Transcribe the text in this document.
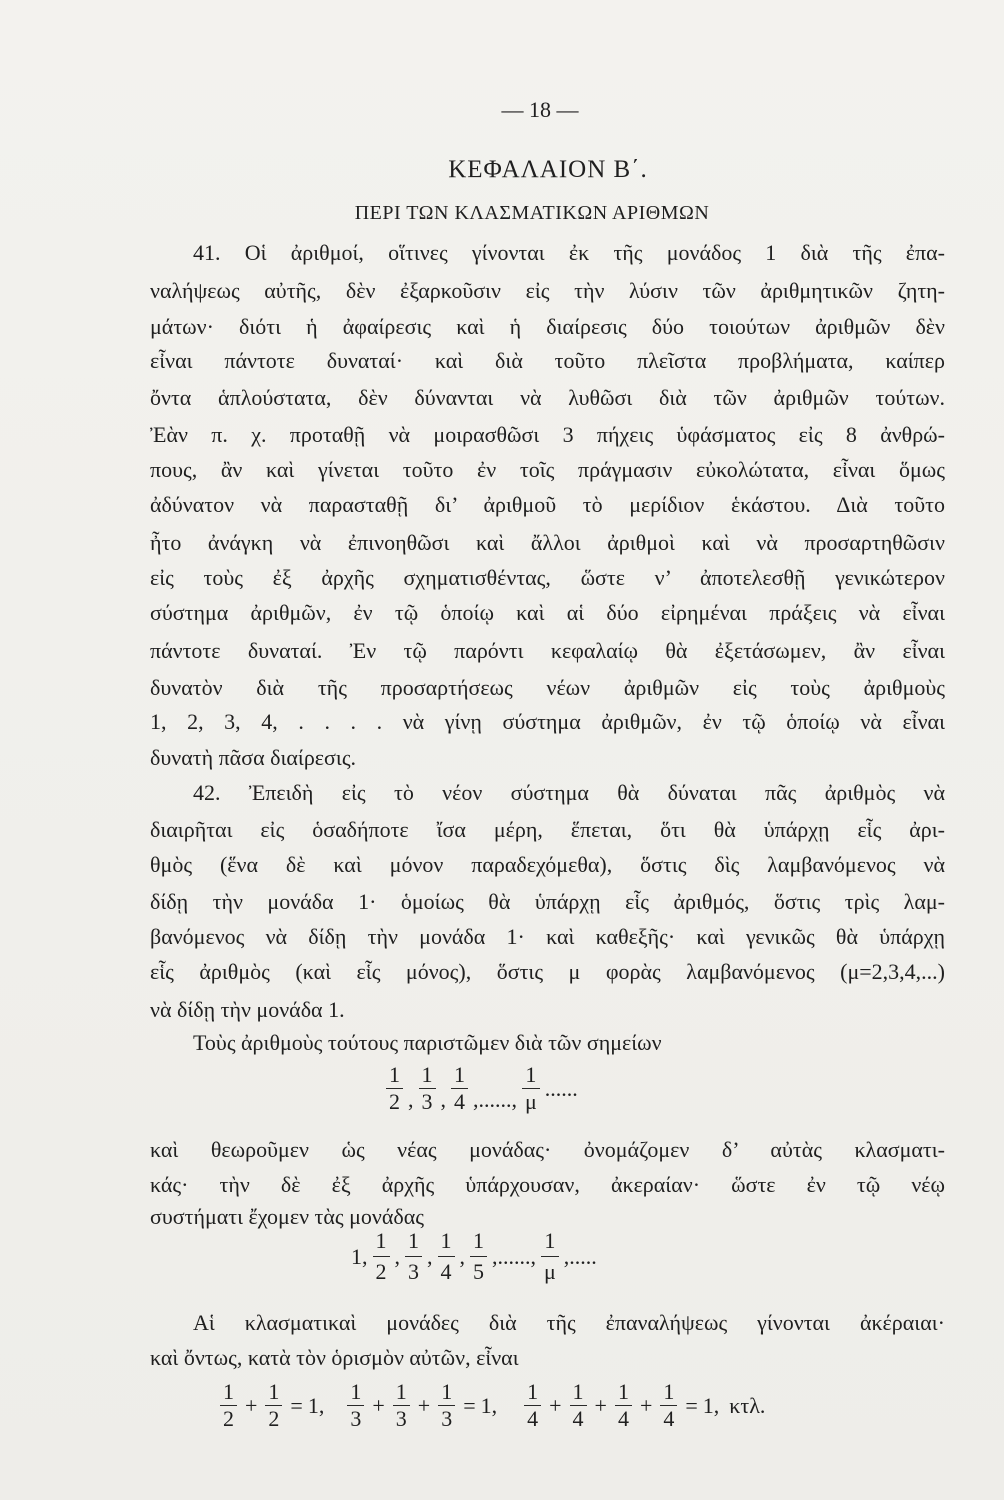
— 18 —
ΚΕΦΑΛΑΙΟΝ Β΄.
ΠΕΡΙ ΤΩΝ ΚΛΑΣΜΑΤΙΚΩΝ ΑΡΙΘΜΩΝ
41. Οἱ ἀριθμοί, οἵτινες γίνονται ἐκ τῆς μονάδος 1 διὰ τῆς ἐπα-
ναλήψεως αὐτῆς, δὲν ἐξαρκοῦσιν εἰς τὴν λύσιν τῶν ἀριθμητικῶν ζητη-
μάτων· διότι ἡ ἀφαίρεσις καὶ ἡ διαίρεσις δύο τοιούτων ἀριθμῶν δὲν
εἶναι πάντοτε δυναταί· καὶ διὰ τοῦτο πλεῖστα προβλήματα, καίπερ
ὄντα ἁπλούστατα, δὲν δύνανται νὰ λυθῶσι διὰ τῶν ἀριθμῶν τούτων.
Ἐὰν π. χ. προταθῇ νὰ μοιρασθῶσι 3 πήχεις ὑφάσματος εἰς 8 ἀνθρώ-
πους, ἂν καὶ γίνεται τοῦτο ἐν τοῖς πράγμασιν εὐκολώτατα, εἶναι ὅμως
ἀδύνατον νὰ παρασταθῇ δι’ ἀριθμοῦ τὸ μερίδιον ἑκάστου. Διὰ τοῦτο
ἦτο ἀνάγκη νὰ ἐπινοηθῶσι καὶ ἄλλοι ἀριθμοὶ καὶ νὰ προσαρτηθῶσιν
εἰς τοὺς ἐξ ἀρχῆς σχηματισθέντας, ὥστε ν’ ἀποτελεσθῇ γενικώτερον
σύστημα ἀριθμῶν, ἐν τῷ ὁποίῳ καὶ αἱ δύο εἰρημέναι πράξεις νὰ εἶναι
πάντοτε δυναταί. Ἐν τῷ παρόντι κεφαλαίῳ θὰ ἐξετάσωμεν, ἂν εἶναι
δυνατὸν διὰ τῆς προσαρτήσεως νέων ἀριθμῶν εἰς τοὺς ἀριθμοὺς
1, 2, 3, 4, . . . . νὰ γίνῃ σύστημα ἀριθμῶν, ἐν τῷ ὁποίῳ νὰ εἶναι
δυνατὴ πᾶσα διαίρεσις.
42. Ἐπειδὴ εἰς τὸ νέον σύστημα θὰ δύναται πᾶς ἀριθμὸς νὰ
διαιρῆται εἰς ὁσαδήποτε ἴσα μέρη, ἕπεται, ὅτι θὰ ὑπάρχῃ εἷς ἀρι-
θμὸς (ἕνα δὲ καὶ μόνον παραδεχόμεθα), ὅστις δὶς λαμβανόμενος νὰ
δίδῃ τὴν μονάδα 1· ὁμοίως θὰ ὑπάρχῃ εἷς ἀριθμός, ὅστις τρὶς λαμ-
βανόμενος νὰ δίδῃ τὴν μονάδα 1· καὶ καθεξῆς· καὶ γενικῶς θὰ ὑπάρχῃ
εἷς ἀριθμὸς (καὶ εἷς μόνος), ὅστις μ φορὰς λαμβανόμενος (μ=2,3,4,...)
νὰ δίδῃ τὴν μονάδα 1.
Τοὺς ἀριθμοὺς τούτους παριστῶμεν διὰ τῶν σημείων
$\frac{1}{2}$ , $\frac{1}{3}$ , $\frac{1}{4}$ ,......, $\frac{1}{\mu}$ ......
καὶ θεωροῦμεν ὡς νέας μονάδας· ὀνομάζομεν δ’ αὐτὰς κλασματι-
κάς· τὴν δὲ ἐξ ἀρχῆς ὑπάρχουσαν, ἀκεραίαν· ὥστε ἐν τῷ νέῳ
συστήματι ἔχομεν τὰς μονάδας
1, $\frac{1}{2}$ , $\frac{1}{3}$ , $\frac{1}{4}$ , $\frac{1}{5}$ ,......, $\frac{1}{\mu}$ ,.....
Αἱ κλασματικαὶ μονάδες διὰ τῆς ἐπαναλήψεως γίνονται ἀκέραιαι·
καὶ ὄντως, κατὰ τὸν ὁρισμὸν αὐτῶν, εἶναι
$\frac{1}{2} + \frac{1}{2} = 1$, $\frac{1}{3} + \frac{1}{3} + \frac{1}{3} = 1$, $\frac{1}{4} + \frac{1}{4} + \frac{1}{4} + \frac{1}{4} = 1$, κτλ.
